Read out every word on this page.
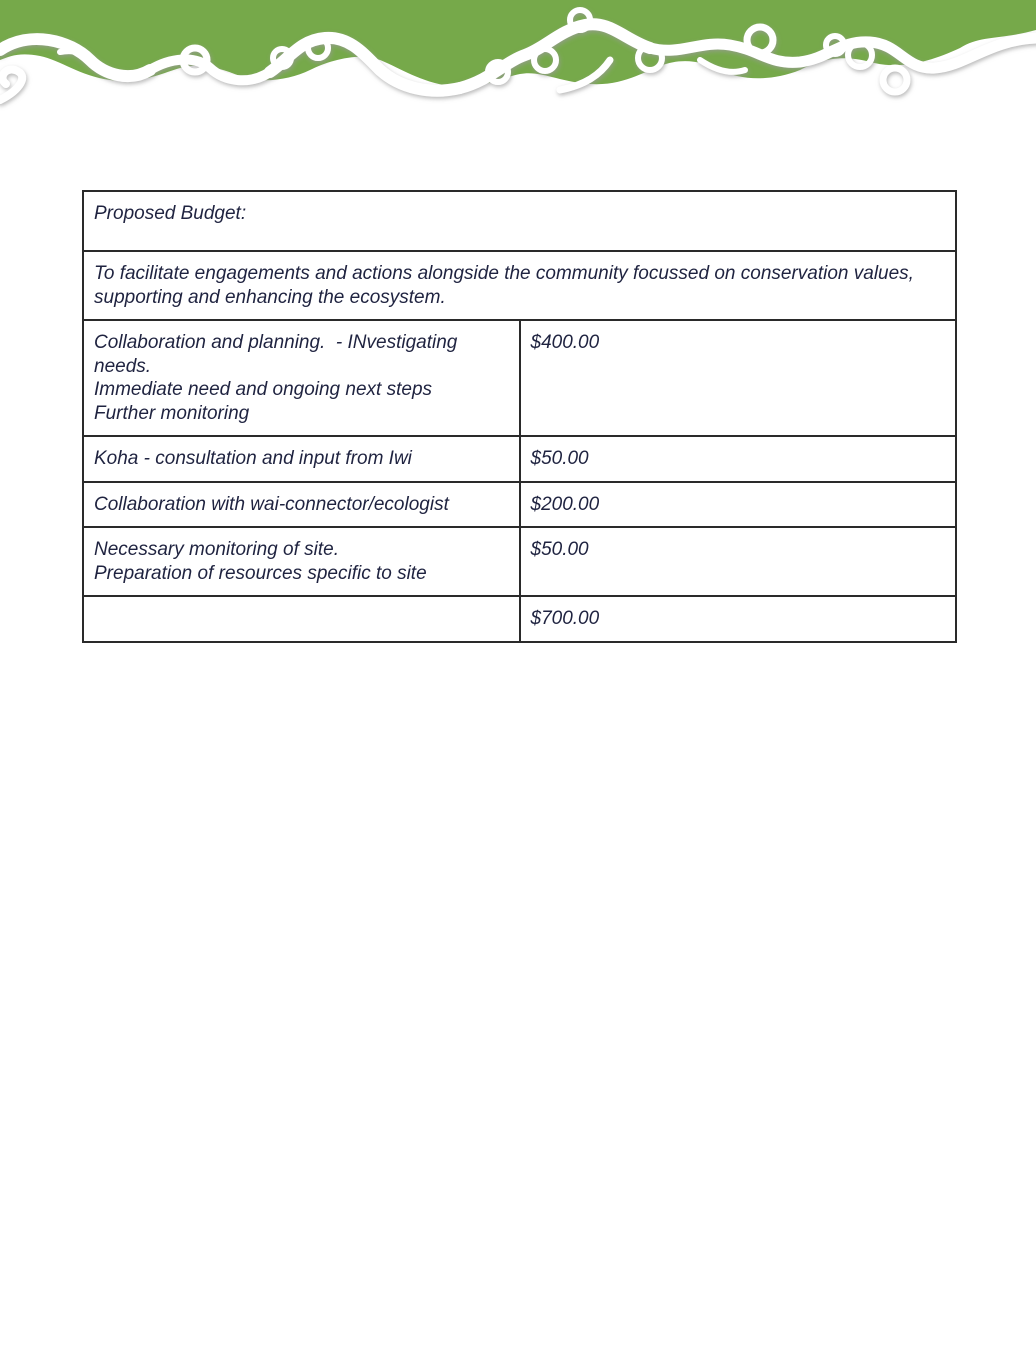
Proposed Budget:	
To facilitate engagements and actions alongside the community focussed on conservation values, supporting and enhancing the ecosystem.	

Collaboration and planning.  - INvestigating needs.
Immediate need and ongoing next steps
Further monitoring	$400.00

Koha - consultation and input from Iwi	$50.00

Collaboration with wai-connector/ecologist	$200.00

Necessary monitoring of site.
Preparation of resources specific to site	$50.00
	$700.00
